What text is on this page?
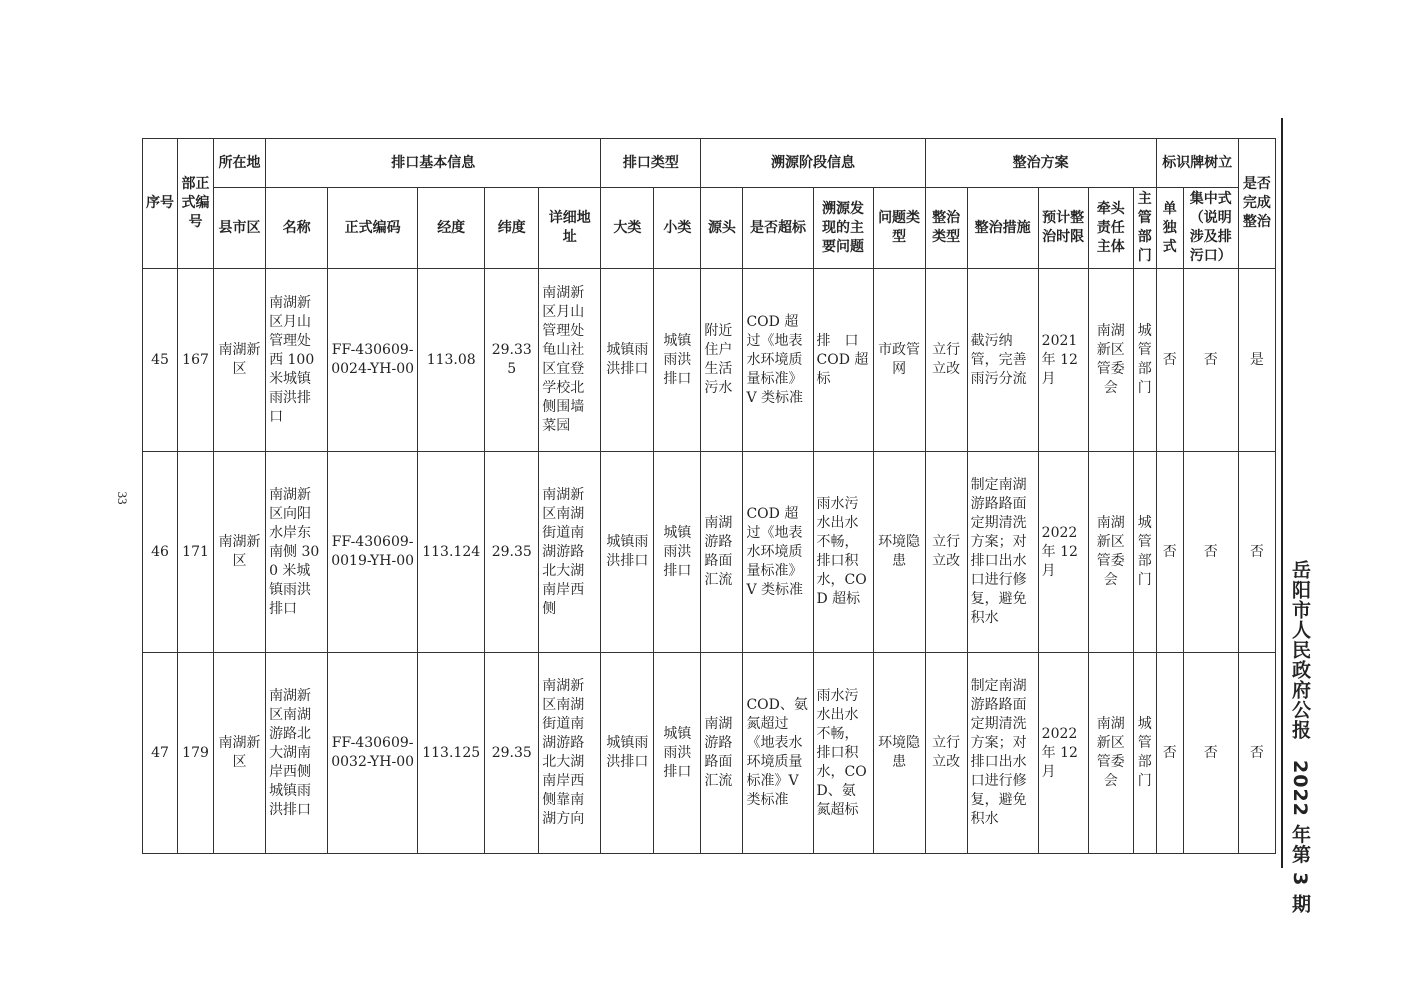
33
岳阳市人民政府公报　2022 年第 3 期
序号	部正式编号	所在地	排口基本信息					排口类型		溯源阶段信息				整治方案					标识牌树立		是否完成整治
		县市区	名称	正式编码	经度	纬度	详细地址	大类	小类	源头	是否超标	溯源发现的主要问题	问题类型	整治类型	整治措施	预计整治时限	牵头责任主体	主管部门	单独式	集中式（说明涉及排污口）	
45	167	南湖新区	南湖新区月山管理处西 100 米城镇雨洪排口	FF-430609-0024-YH-00	113.08	29.335	南湖新区月山管理处龟山社区宜登学校北侧围墙菜园	城镇雨洪排口	城镇雨洪排口	附近住户生活污水	COD 超过《地表水环境质量标准》V 类标准	排　口 COD 超标	市政管网	立行立改	截污纳管，完善雨污分流	2021 年 12 月	南湖新区管委会	城管部门	否	否	是
46	171	南湖新区	南湖新区向阳水岸东南侧 300 米城镇雨洪排口	FF-430609-0019-YH-00	113.124	29.35	南湖新区南湖街道南湖游路北大湖南岸西侧	城镇雨洪排口	城镇雨洪排口	南湖游路路面汇流	COD 超过《地表水环境质量标准》V 类标准	雨水污水出水不畅，排口积水，COD 超标	环境隐患	立行立改	制定南湖游路路面定期清洗方案；对排口出水口进行修复，避免积水	2022 年 12 月	南湖新区管委会	城管部门	否	否	否
47	179	南湖新区	南湖新区南湖游路北大湖南岸西侧城镇雨洪排口	FF-430609-0032-YH-00	113.125	29.35	南湖新区南湖街道南湖游路北大湖南岸西侧靠南湖方向	城镇雨洪排口	城镇雨洪排口	南湖游路路面汇流	COD、氨氮超过《地表水环境质量标准》V 类标准	雨水污水出水不畅，排口积水，COD、氨氮超标	环境隐患	立行立改	制定南湖游路路面定期清洗方案；对排口出水口进行修复，避免积水	2022 年 12 月	南湖新区管委会	城管部门	否	否	否
